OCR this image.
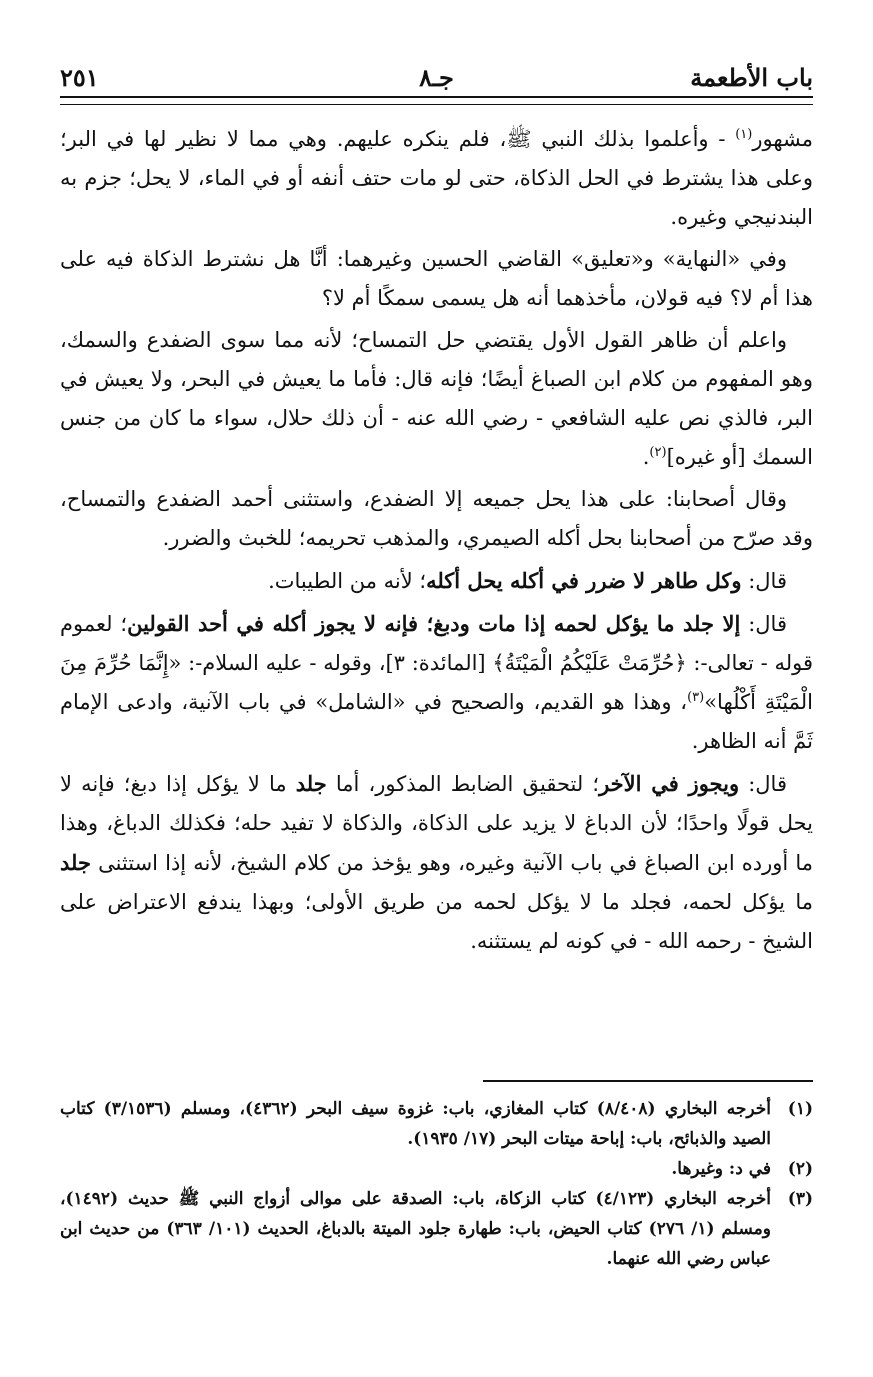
باب الأطعمة
جـ٨
٢٥١

مشهور$^{(١)}$ - وأعلموا بذلك النبي ﷺ، فلم ينكره عليهم. وهي مما لا نظير لها في البر؛ وعلى هذا يشترط في الحل الذكاة، حتى لو مات حتف أنفه أو في الماء، لا يحل؛ جزم به البندنيجي وغيره.

وفي «النهاية» و«تعليق» القاضي الحسين وغيرهما: أنَّا هل نشترط الذكاة فيه على هذا أم لا؟ فيه قولان، مأخذهما أنه هل يسمى سمكًا أم لا؟

واعلم أن ظاهر القول الأول يقتضي حل التمساح؛ لأنه مما سوى الضفدع والسمك، وهو المفهوم من كلام ابن الصباغ أيضًا؛ فإنه قال: فأما ما يعيش في البحر، ولا يعيش في البر، فالذي نص عليه الشافعي - رضي الله عنه - أن ذلك حلال، سواء ما كان من جنس السمك [أو غيره]$^{(٢)}$.

وقال أصحابنا: على هذا يحل جميعه إلا الضفدع، واستثنى أحمد الضفدع والتمساح، وقد صرّح من أصحابنا بحل أكله الصيمري، والمذهب تحريمه؛ للخبث والضرر.

قال: وكل طاهر لا ضرر في أكله يحل أكله؛ لأنه من الطيبات.

قال: إلا جلد ما يؤكل لحمه إذا مات ودبغ؛ فإنه لا يجوز أكله في أحد القولين؛ لعموم قوله - تعالى-: ﴿حُرِّمَتْ عَلَيْكُمُ الْمَيْتَةُ﴾ [المائدة: ٣]، وقوله - عليه السلام-: «إِنَّمَا حُرِّمَ مِنَ الْمَيْتَةِ أَكْلُها»$^{(٣)}$، وهذا هو القديم، والصحيح في «الشامل» في باب الآنية، وادعى الإمام ثَمَّ أنه الظاهر.

قال: ويجوز في الآخر؛ لتحقيق الضابط المذكور، أما جلد ما لا يؤكل إذا دبغ؛ فإنه لا يحل قولًا واحدًا؛ لأن الدباغ لا يزيد على الذكاة، والذكاة لا تفيد حله؛ فكذلك الدباغ، وهذا ما أورده ابن الصباغ في باب الآنية وغيره، وهو يؤخذ من كلام الشيخ، لأنه إذا استثنى جلد ما يؤكل لحمه، فجلد ما لا يؤكل لحمه من طريق الأولى؛ وبهذا يندفع الاعتراض على الشيخ - رحمه الله - في كونه لم يستثنه.

(١)
أخرجه البخاري (٨/٤٠٨) كتاب المغازي، باب: غزوة سيف البحر (٤٣٦٢)، ومسلم (٣/١٥٣٦) كتاب الصيد والذبائح، باب: إباحة ميتات البحر (١٧/ ١٩٣٥).
(٢)
في د: وغيرها.
(٣)
أخرجه البخاري (٤/١٢٣) كتاب الزكاة، باب: الصدقة على موالى أزواج النبي ﷺ حديث (١٤٩٢)، ومسلم (١/ ٢٧٦) كتاب الحيض، باب: طهارة جلود الميتة بالدباغ، الحديث (١٠١/ ٣٦٣) من حديث ابن عباس رضي الله عنهما.
